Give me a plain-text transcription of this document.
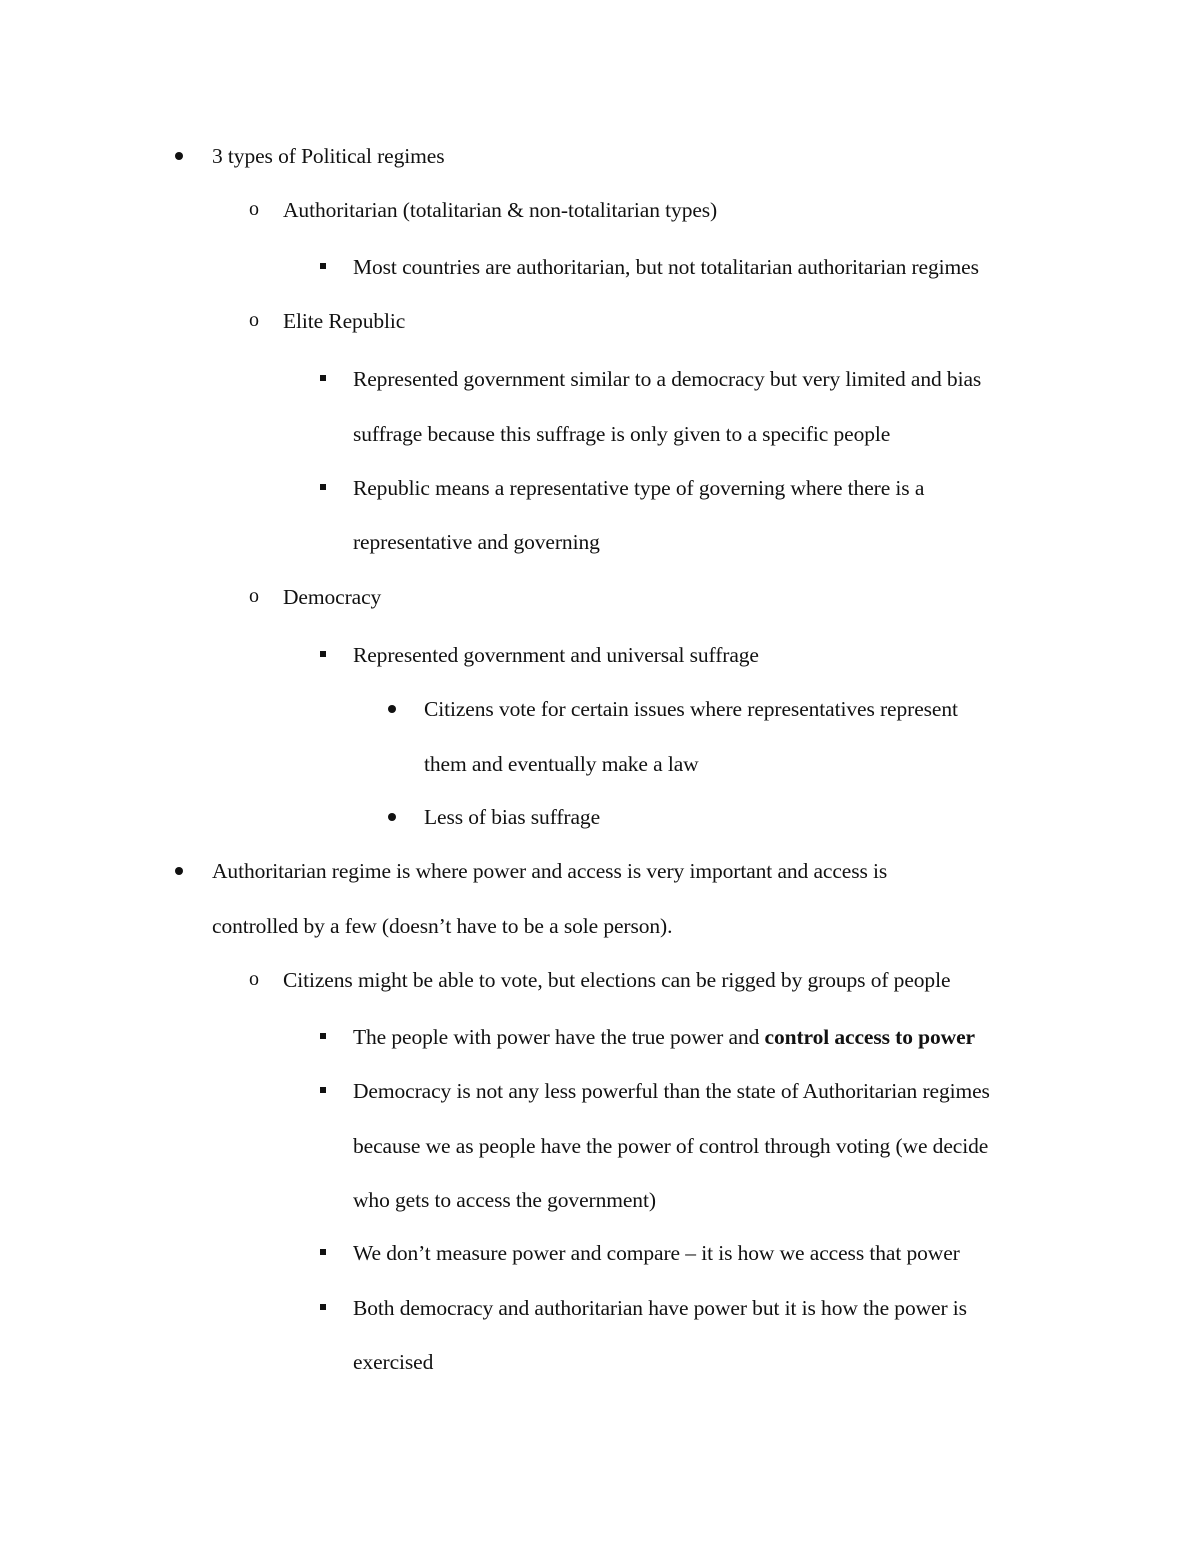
3 types of Political regimes
o Authoritarian (totalitarian & non-totalitarian types)
Most countries are authoritarian, but not totalitarian authoritarian regimes
o Elite Republic
Represented government similar to a democracy but very limited and bias
suffrage because this suffrage is only given to a specific people
Republic means a representative type of governing where there is a
representative and governing
o Democracy
Represented government and universal suffrage
Citizens vote for certain issues where representatives represent
them and eventually make a law
Less of bias suffrage
Authoritarian regime is where power and access is very important and access is
controlled by a few (doesn’t have to be a sole person).
o Citizens might be able to vote, but elections can be rigged by groups of people
The people with power have the true power and control access to power
Democracy is not any less powerful than the state of Authoritarian regimes
because we as people have the power of control through voting (we decide
who gets to access the government)
We don’t measure power and compare – it is how we access that power
Both democracy and authoritarian have power but it is how the power is
exercised
